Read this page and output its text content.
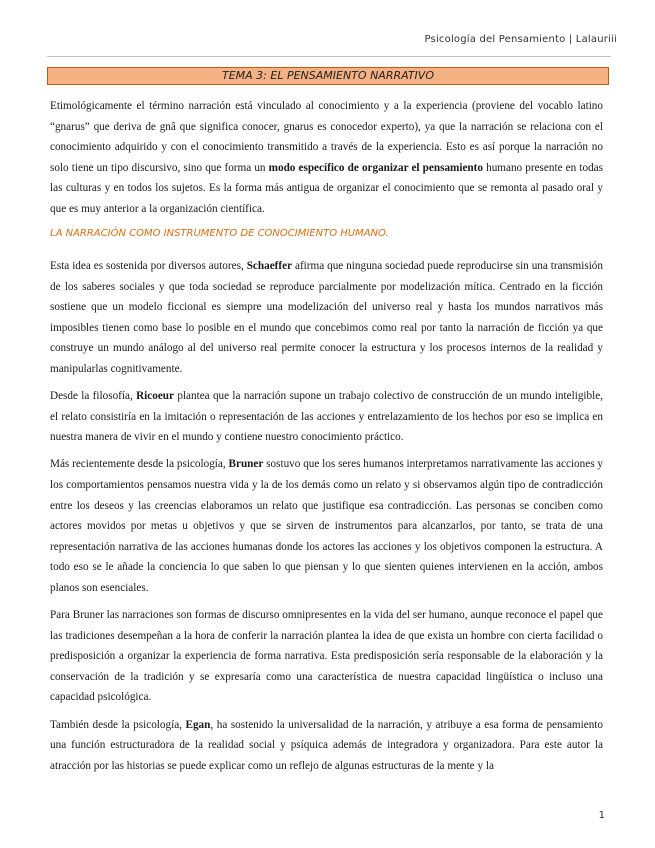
Psicología del Pensamiento | Lalauriii
TEMA 3: EL PENSAMIENTO NARRATIVO

Etimológicamente el término narración está vinculado al conocimiento y a la experiencia (proviene del vocablo latino “gnarus” que deriva de gnâ que significa conocer, gnarus es conocedor experto), ya que la narración se relaciona con el conocimiento adquirido y con el conocimiento transmitido a través de la experiencia. Esto es así porque la narración no solo tiene un tipo discursivo, sino que forma un modo específico de organizar el pensamiento humano presente en todas las culturas y en todos los sujetos. Es la forma más antigua de organizar el conocimiento que se remonta al pasado oral y que es muy anterior a la organización científica.

LA NARRACIÓN COMO INSTRUMENTO DE CONOCIMIENTO HUMANO.

Esta idea es sostenida por diversos autores, Schaeffer afirma que ninguna sociedad puede reproducirse sin una transmisión de los saberes sociales y que toda sociedad se reproduce parcialmente por modelización mítica. Centrado en la ficción sostiene que un modelo ficcional es siempre una modelización del universo real y hasta los mundos narrativos más imposibles tienen como base lo posible en el mundo que concebimos como real por tanto la narración de ficción ya que construye un mundo análogo al del universo real permite conocer la estructura y los procesos internos de la realidad y manipularlas cognitivamente.

Desde la filosofía, Ricoeur plantea que la narración supone un trabajo colectivo de construcción de un mundo inteligible, el relato consistiría en la imitación o representación de las acciones y entrelazamiento de los hechos por eso se implica en nuestra manera de vivir en el mundo y contiene nuestro conocimiento práctico.

Más recientemente desde la psicología, Bruner sostuvo que los seres humanos interpretamos narrativamente las acciones y los comportamientos pensamos nuestra vida y la de los demás como un relato y si observamos algún tipo de contradicción entre los deseos y las creencias elaboramos un relato que justifique esa contradicción. Las personas se conciben como actores movidos por metas u objetivos y que se sirven de instrumentos para alcanzarlos, por tanto, se trata de una representación narrativa de las acciones humanas donde los actores las acciones y los objetivos componen la estructura. A todo eso se le añade la conciencia lo que saben lo que piensan y lo que sienten quienes intervienen en la acción, ambos planos son esenciales.

Para Bruner las narraciones son formas de discurso omnipresentes en la vida del ser humano, aunque reconoce el papel que las tradiciones desempeñan a la hora de conferir la narración plantea la idea de que exista un hombre con cierta facilidad o predisposición a organizar la experiencia de forma narrativa. Esta predisposición sería responsable de la elaboración y la conservación de la tradición y se expresaría como una característica de nuestra capacidad lingüística o incluso una capacidad psicológica.

También desde la psicología, Egan, ha sostenido la universalidad de la narración, y atribuye a esa forma de pensamiento una función estructuradora de la realidad social y psíquica además de integradora y organizadora. Para este autor la atracción por las historias se puede explicar como un reflejo de algunas estructuras de la mente y la

1
